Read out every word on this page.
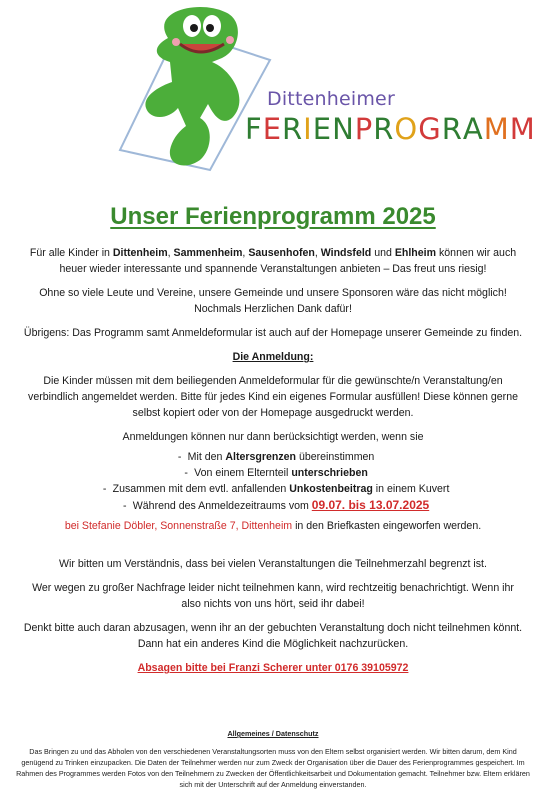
Dittenheimer
FERIENPROGRAMM
Unser Ferienprogramm 2025

Für alle Kinder in Dittenheim, Sammenheim, Sausenhofen, Windsfeld und Ehlheim können wir auch heuer wieder interessante und spannende Veranstaltungen anbieten – Das freut uns riesig!

Ohne so viele Leute und Vereine, unsere Gemeinde und unsere Sponsoren wäre das nicht möglich! Nochmals Herzlichen Dank dafür!

Übrigens: Das Programm samt Anmeldeformular ist auch auf der Homepage unserer Gemeinde zu finden.

Die Anmeldung:

Die Kinder müssen mit dem beiliegenden Anmeldeformular für die gewünschte/n Veranstaltung/en verbindlich angemeldet werden. Bitte für jedes Kind ein eigenes Formular ausfüllen! Diese können gerne selbst kopiert oder von der Homepage ausgedruckt werden.

Anmeldungen können nur dann berücksichtigt werden, wenn sie

- Mit den Altersgrenzen übereinstimmen
- Von einem Elternteil unterschrieben
- Zusammen mit dem evtl. anfallenden Unkostenbeitrag in einem Kuvert
- Während des Anmeldezeitraums vom 09.07. bis 13.07.2025

bei Stefanie Döbler, Sonnenstraße 7, Dittenheim in den Briefkasten eingeworfen werden.

Wir bitten um Verständnis, dass bei vielen Veranstaltungen die Teilnehmerzahl begrenzt ist.

Wer wegen zu großer Nachfrage leider nicht teilnehmen kann, wird rechtzeitig benachrichtigt. Wenn ihr also nichts von uns hört, seid ihr dabei!

Denkt bitte auch daran abzusagen, wenn ihr an der gebuchten Veranstaltung doch nicht teilnehmen könnt. Dann hat ein anderes Kind die Möglichkeit nachzurücken.

Absagen bitte bei Franzi Scherer unter 0176 39105972

Allgemeines / Datenschutz
Das Bringen zu und das Abholen von den verschiedenen Veranstaltungsorten muss von den Eltern selbst organisiert werden. Wir bitten darum, dem Kind genügend zu Trinken einzupacken. Die Daten der Teilnehmer werden nur zum Zweck der Organisation über die Dauer des Ferienprogrammes gespeichert. Im Rahmen des Programmes werden Fotos von den Teilnehmern zu Zwecken der Öffentlichkeitsarbeit und Dokumentation gemacht. Teilnehmer bzw. Eltern erklären sich mit der Unterschrift auf der Anmeldung einverstanden.
